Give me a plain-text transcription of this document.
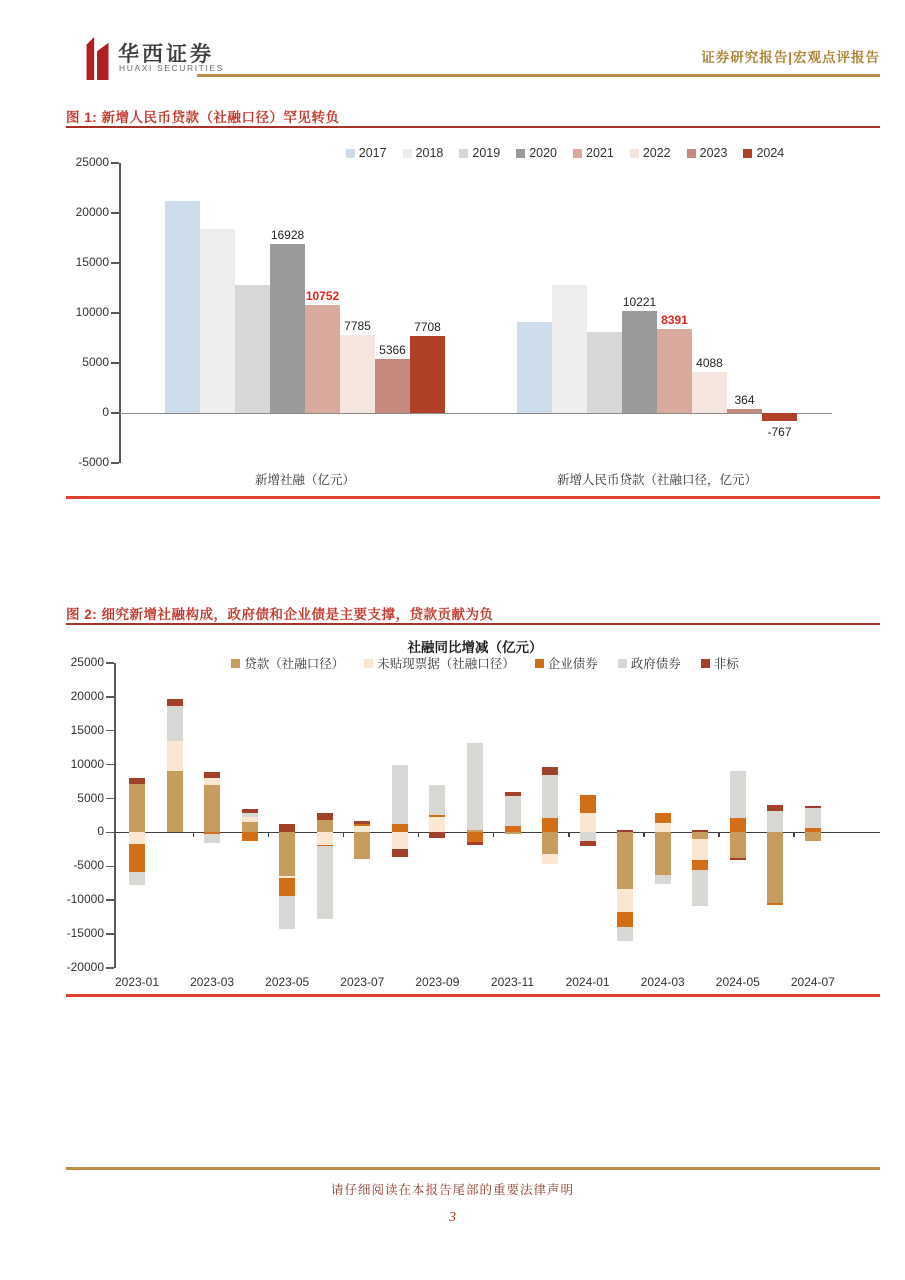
华西证券
HUAXI SECURITIES
证券研究报告|宏观点评报告
图 1: 新增人民币贷款（社融口径）罕见转负
图 2: 细究新增社融构成，政府债和企业债是主要支撑，贷款贡献为负
社融同比增减（亿元）
请仔细阅读在本报告尾部的重要法律声明
3
2017 2018 2019 2020 2021 2022 2023 2024
25000
20000
15000
10000
5000
0
-5000
新增社融（亿元）	新增人民币贷款（社融口径，亿元）
16928
10221
10752
8391
7785
4088
5366
364
7708
-767
贷款（社融口径）	未贴现票据（社融口径）	企业债券	政府债券	非标
25000
20000
15000
10000
5000
0
-5000
-10000
-15000
-20000
2023-01	2023-03	2023-05	2023-07	2023-09	2023-11	2024-01	2024-03	2024-05	2024-07
